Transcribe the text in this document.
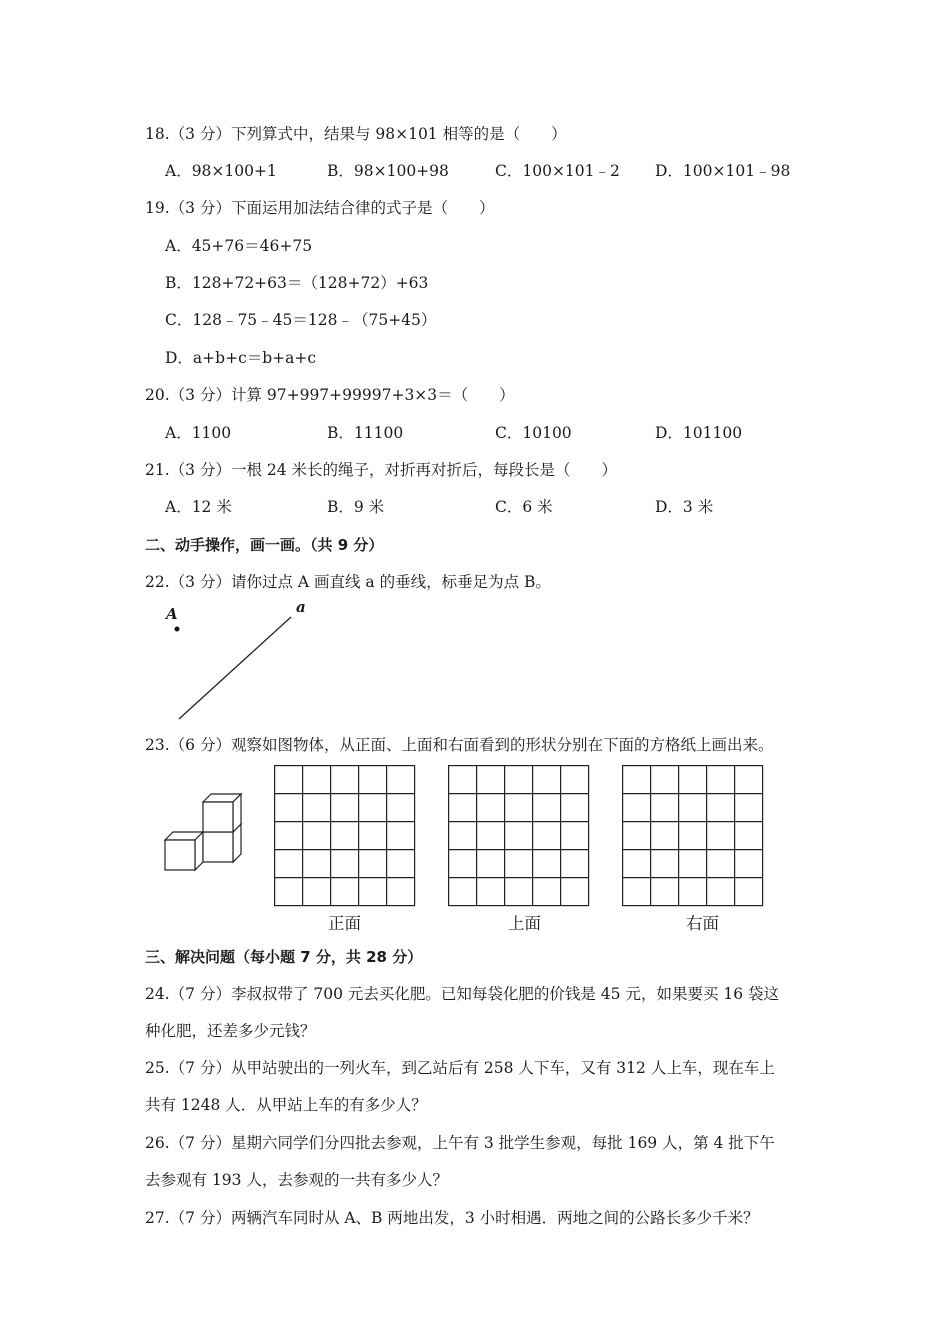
18.（3 分）下列算式中，结果与 98×101 相等的是（　　）
A．98×100+1	B．98×100+98	C．100×101﹣2 D．100×101﹣98
19.（3 分）下面运用加法结合律的式子是（　　）
A．45+76＝46+75
B．128+72+63＝（128+72）+63
C．128﹣75﹣45＝128﹣（75+45）
D．a+b+c＝b+a+c
20.（3 分）计算 97+997+99997+3×3＝（　　）
A．1100	B．11100	C．10100	D．101100
21.（3 分）一根 24 米长的绳子，对折再对折后，每段长是（　　）
A．12 米	B．9 米	C．6 米	D．3 米
二、动手操作，画一画。（共 9 分）
22.（3 分）请你过点 A 画直线 a 的垂线，标垂足为点 B。
A	a
23.（6 分）观察如图物体，从正面、上面和右面看到的形状分别在下面的方格纸上画出来。
正面	上面	右面
三、解决问题（每小题 7 分，共 28 分）
24.（7 分）李叔叔带了 700 元去买化肥。已知每袋化肥的价钱是 45 元，如果要买 16 袋这
种化肥，还差多少元钱？
25.（7 分）从甲站驶出的一列火车，到乙站后有 258 人下车，又有 312 人上车，现在车上
共有 1248 人．从甲站上车的有多少人？
26.（7 分）星期六同学们分四批去参观，上午有 3 批学生参观，每批 169 人，第 4 批下午
去参观有 193 人，去参观的一共有多少人？
27.（7 分）两辆汽车同时从 A、B 两地出发，3 小时相遇．两地之间的公路长多少千米？
